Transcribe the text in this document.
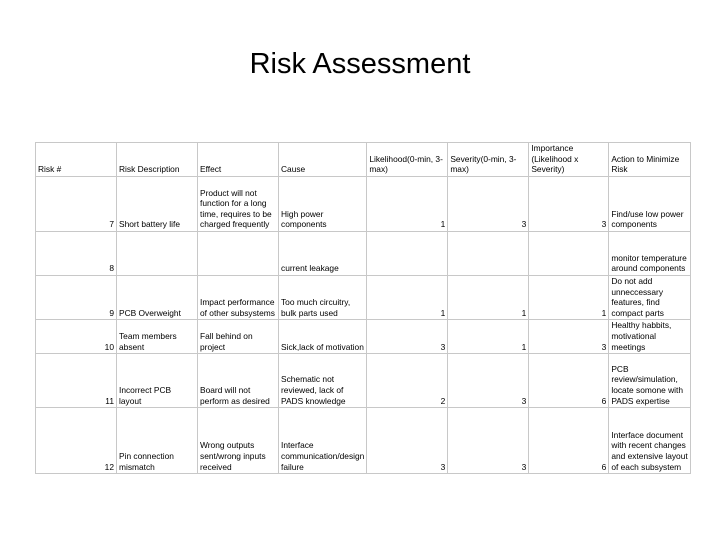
Risk Assessment
Risk #	Risk Description	Effect	Cause	Likelihood(0-min, 3-max)	Severity(0-min, 3-max)	Importance (Likelihood x Severity)	Action to Minimize Risk
7	Short battery life	Product will not function for a long time, requires to be charged frequently	High power components	1	3	3	Find/use low power components
8			current leakage				monitor temperature around components
9	PCB Overweight	Impact performance of other subsystems	Too much circuitry, bulk parts used	1	1	1	Do not add unneccessary features, find compact parts
10	Team members absent	Fall behind on project	Sick,lack of motivation	3	1	3	Healthy habbits, motivational meetings
11	Incorrect PCB layout	Board will not perform as desired	Schematic not reviewed, lack of PADS knowledge	2	3	6	PCB review/simulation, locate somone with PADS expertise
12	Pin connection mismatch	Wrong outputs sent/wrong inputs received	Interface communication/design failure	3	3	6	Interface document with recent changes and extensive layout of each subsystem
